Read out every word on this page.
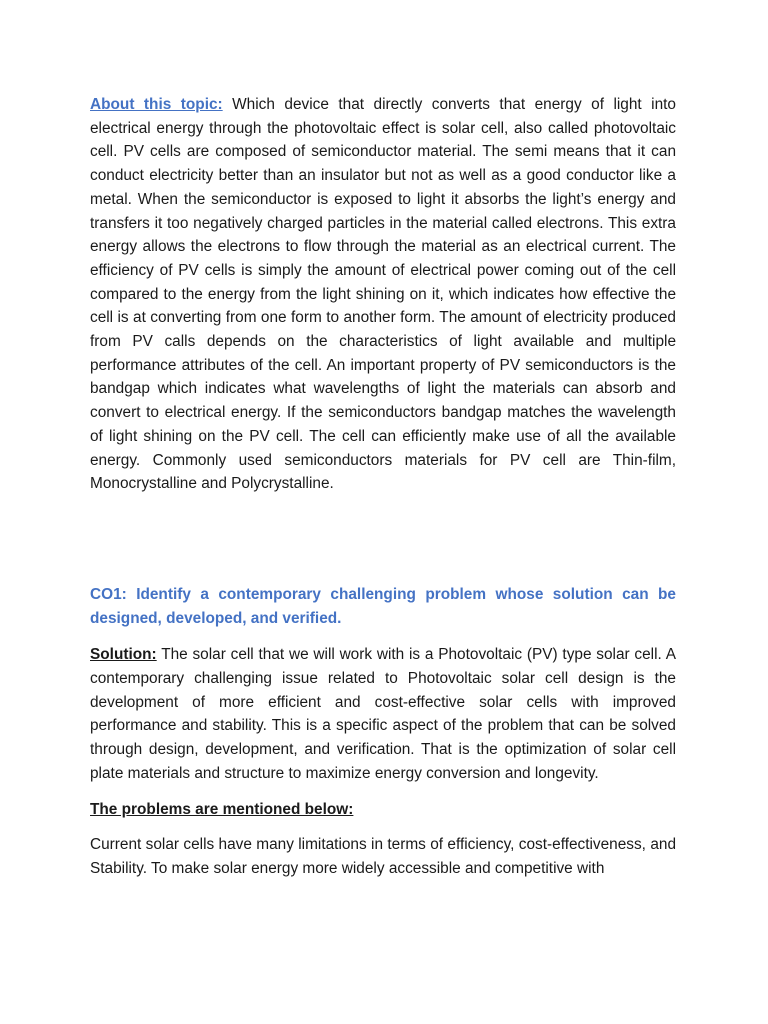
About this topic: Which device that directly converts that energy of light into electrical energy through the photovoltaic effect is solar cell, also called photovoltaic cell. PV cells are composed of semiconductor material. The semi means that it can conduct electricity better than an insulator but not as well as a good conductor like a metal. When the semiconductor is exposed to light it absorbs the light’s energy and transfers it too negatively charged particles in the material called electrons. This extra energy allows the electrons to flow through the material as an electrical current. The efficiency of PV cells is simply the amount of electrical power coming out of the cell compared to the energy from the light shining on it, which indicates how effective the cell is at converting from one form to another form. The amount of electricity produced from PV calls depends on the characteristics of light available and multiple performance attributes of the cell. An important property of PV semiconductors is the bandgap which indicates what wavelengths of light the materials can absorb and convert to electrical energy. If the semiconductors bandgap matches the wavelength of light shining on the PV cell. The cell can efficiently make use of all the available energy. Commonly used semiconductors materials for PV cell are Thin-film, Monocrystalline and Polycrystalline.

CO1: Identify a contemporary challenging problem whose solution can be designed, developed, and verified.

Solution: The solar cell that we will work with is a Photovoltaic (PV) type solar cell. A contemporary challenging issue related to Photovoltaic solar cell design is the development of more efficient and cost-effective solar cells with improved performance and stability. This is a specific aspect of the problem that can be solved through design, development, and verification. That is the optimization of solar cell plate materials and structure to maximize energy conversion and longevity.

The problems are mentioned below:

Current solar cells have many limitations in terms of efficiency, cost-effectiveness, and Stability. To make solar energy more widely accessible and competitive with
